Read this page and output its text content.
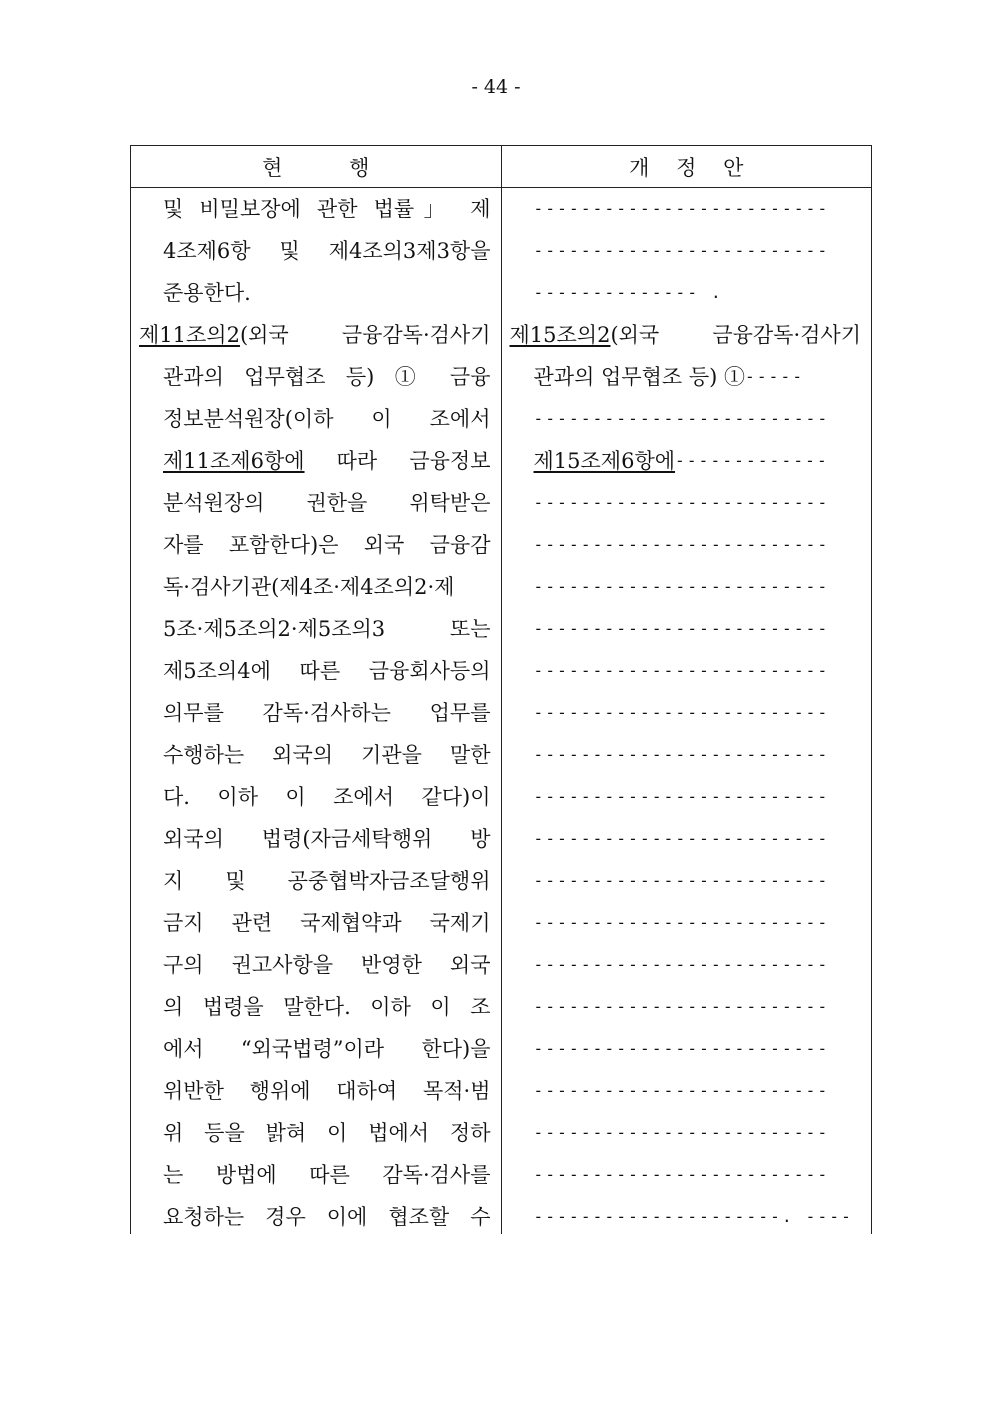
- 44 -
현          행	개    정    안
및 비밀보장에 관한 법률」 제
4조제6항 및 제4조의3제3항을
준용한다.
제11조의2(외국 금융감독·검사기
관과의 업무협조 등) ① 금융
정보분석원장(이하 이 조에서
제11조제6항에 따라 금융정보
분석원장의 권한을 위탁받은
자를 포함한다)은 외국 금융감
독·검사기관(제4조·제4조의2·제
5조·제5조의2·제5조의3 또는
제5조의4에 따른 금융회사등의
의무를 감독·검사하는 업무를
수행하는 외국의 기관을 말한
다. 이하 이 조에서 같다)이
외국의 법령(자금세탁행위 방
지 및 공중협박자금조달행위
금지 관련 국제협약과 국제기
구의 권고사항을 반영한 외국
의 법령을 말한다. 이하 이 조
에서 “외국법령”이라 한다)을
위반한 행위에 대하여 목적·범
위 등을 밝혀 이 법에서 정하
는 방법에 따른 감독·검사를
요청하는 경우 이에 협조할 수
-------------------------
-------------------------
-------------- .
제15조의2(외국 금융감독·검사기
관과의 업무협조 등) ① -----
-------------------------
제15조제6항에 -------------
-------------------------
-------------------------
-------------------------
-------------------------
-------------------------
-------------------------
-------------------------
-------------------------
-------------------------
-------------------------
-------------------------
-------------------------
-------------------------
-------------------------
-------------------------
-------------------------
-------------------------
---------------------. ----
